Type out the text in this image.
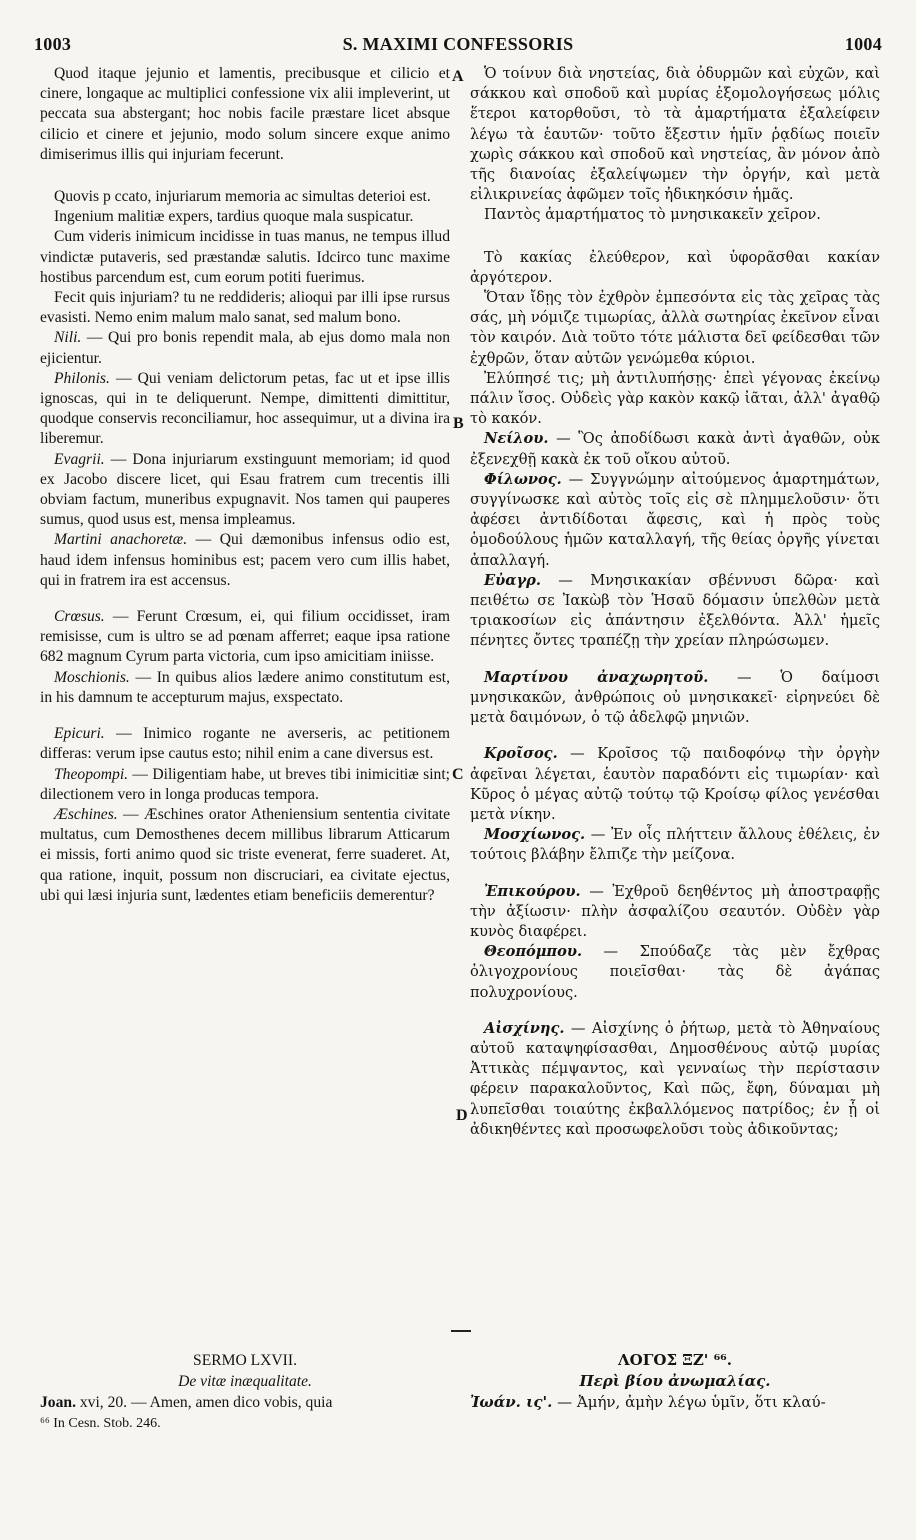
1003	S. MAXIMI CONFESSORIS	1004
A
B
C
D

Quod itaque jejunio et lamentis, precibusque et cilicio et cinere, longaque ac multiplici confessione vix alii impleverint, ut peccata sua abstergant; hoc nobis facile præstare licet absque cilicio et cinere et jejunio, modo solum sincere exque animo dimiserimus illis qui injuriam fecerunt.

Quovis p ccato, injuriarum memoria ac simultas deterioi est.

Ingenium malitiæ expers, tardius quoque mala suspicatur.

Cum videris inimicum incidisse in tuas manus, ne tempus illud vindictæ putaveris, sed præstandæ salutis. Idcirco tunc maxime hostibus parcendum est, cum eorum potiti fuerimus.

Fecit quis injuriam? tu ne reddideris; alioqui par illi ipse rursus evasisti. Nemo enim malum malo sanat, sed malum bono.

Nili. — Qui pro bonis rependit mala, ab ejus domo mala non ejicientur.

Philonis. — Qui veniam delictorum petas, fac ut et ipse illis ignoscas, qui in te deliquerunt. Nempe, dimittenti dimittitur, quodque conservis reconciliamur, hoc assequimur, ut a divina ira liberemur.

Evagrii. — Dona injuriarum exstinguunt memoriam; id quod ex Jacobo discere licet, qui Esau fratrem cum trecentis illi obviam factum, muneribus expugnavit. Nos tamen qui pauperes sumus, quod usus est, mensa impleamus.

Martini anachoretæ. — Qui dæmonibus infensus odio est, haud idem infensus hominibus est; pacem vero cum illis habet, qui in fratrem ira est accensus.

Crœsus. — Ferunt Crœsum, ei, qui filium occidisset, iram remisisse, cum is ultro se ad pœnam afferret; eaque ipsa ratione 682 magnum Cyrum parta victoria, cum ipso amicitiam iniisse.

Moschionis. — In quibus alios lædere animo constitutum est, in his damnum te accepturum majus, exspectato.

Epicuri. — Inimico rogante ne averseris, ac petitionem differas: verum ipse cautus esto; nihil enim a cane diversus est.

Theopompi. — Diligentiam habe, ut breves tibi inimicitiæ sint; dilectionem vero in longa producas tempora.

Æschines. — Æschines orator Atheniensium sententia civitate multatus, cum Demosthenes decem millibus librarum Atticarum ei missis, forti animo quod sic triste evenerat, ferre suaderet. At, qua ratione, inquit, possum non discruciari, ea civitate ejectus, ubi qui læsi injuria sunt, lædentes etiam beneficiis demerentur?

Ὁ τοίνυν διὰ νηστείας, διὰ ὀδυρμῶν καὶ εὐχῶν, καὶ σάκκου καὶ σποδοῦ καὶ μυρίας ἐξομολογήσεως μόλις ἕτεροι κατορθοῦσι, τὸ τὰ ἁμαρτήματα ἐξαλείφειν λέγω τὰ ἑαυτῶν· τοῦτο ἔξεστιν ἡμῖν ῥᾳδίως ποιεῖν χωρὶς σάκκου καὶ σποδοῦ καὶ νηστείας, ἂν μόνον ἀπὸ τῆς διανοίας ἐξαλείψωμεν τὴν ὀργήν, καὶ μετὰ εἰλικρινείας ἀφῶμεν τοῖς ἠδικηκόσιν ἡμᾶς.

Παντὸς ἁμαρτήματος τὸ μνησικακεῖν χεῖρον.

Τὸ κακίας ἐλεύθερον, καὶ ὑφορᾶσθαι κακίαν ἀργότερον.

Ὅταν ἴδῃς τὸν ἐχθρὸν ἐμπεσόντα εἰς τὰς χεῖρας τὰς σάς, μὴ νόμιζε τιμωρίας, ἀλλὰ σωτηρίας ἐκεῖνον εἶναι τὸν καιρόν. Διὰ τοῦτο τότε μάλιστα δεῖ φείδεσθαι τῶν ἐχθρῶν, ὅταν αὐτῶν γενώμεθα κύριοι.

Ἐλύπησέ τις; μὴ ἀντιλυπήσῃς· ἐπεὶ γέγονας ἐκείνῳ πάλιν ἴσος. Οὐδεὶς γὰρ κακὸν κακῷ ἰᾶται, ἀλλ' ἀγαθῷ τὸ κακόν.

Νείλου. — Ὃς ἀποδίδωσι κακὰ ἀντὶ ἀγαθῶν, οὐκ ἐξενεχθῇ κακὰ ἐκ τοῦ οἴκου αὐτοῦ.

Φίλωνος. — Συγγνώμην αἰτούμενος ἁμαρτημάτων, συγγίνωσκε καὶ αὐτὸς τοῖς εἰς σὲ πλημμελοῦσιν· ὅτι ἀφέσει ἀντιδίδοται ἄφεσις, καὶ ἡ πρὸς τοὺς ὁμοδούλους ἡμῶν καταλλαγή, τῆς θείας ὀργῆς γίνεται ἀπαλλαγή.

Εὐαγρ. — Μνησικακίαν σβέννυσι δῶρα· καὶ πειθέτω σε Ἰακὼβ τὸν Ἡσαῦ δόμασιν ὑπελθὼν μετὰ τριακοσίων εἰς ἀπάντησιν ἐξελθόντα. Ἀλλ' ἡμεῖς πένητες ὄντες τραπέζῃ τὴν χρείαν πληρώσωμεν.

Μαρτίνου ἀναχωρητοῦ. — Ὁ δαίμοσι μνησικακῶν, ἀνθρώποις οὐ μνησικακεῖ· εἰρηνεύει δὲ μετὰ δαιμόνων, ὁ τῷ ἀδελφῷ μηνιῶν.

Κροῖσος. — Κροῖσος τῷ παιδοφόνῳ τὴν ὀργὴν ἀφεῖναι λέγεται, ἑαυτὸν παραδόντι εἰς τιμωρίαν· καὶ Κῦρος ὁ μέγας αὐτῷ τούτῳ τῷ Κροίσῳ φίλος γενέσθαι μετὰ νίκην.

Μοσχίωνος. — Ἐν οἷς πλήττειν ἄλλους ἐθέλεις, ἐν τούτοις βλάβην ἔλπιζε τὴν μείζονα.

Ἐπικούρου. — Ἐχθροῦ δεηθέντος μὴ ἀποστραφῇς τὴν ἀξίωσιν· πλὴν ἀσφαλίζου σεαυτόν. Οὐδὲν γὰρ κυνὸς διαφέρει.

Θεοπόμπου. — Σπούδαζε τὰς μὲν ἔχθρας ὀλιγοχρονίους ποιεῖσθαι· τὰς δὲ ἀγάπας πολυχρονίους.

Αἰσχίνης. — Αἰσχίνης ὁ ῥήτωρ, μετὰ τὸ Ἀθηναίους αὐτοῦ καταψηφίσασθαι, Δημοσθένους αὐτῷ μυρίας Ἀττικὰς πέμψαντος, καὶ γενναίως τὴν περίστασιν φέρειν παρακαλοῦντος, Καὶ πῶς, ἔφη, δύναμαι μὴ λυπεῖσθαι τοιαύτης ἐκβαλλόμενος πατρίδος; ἐν ᾗ οἱ ἀδικηθέντες καὶ προσωφελοῦσι τοὺς ἀδικοῦντας;

SERMO LXVII.
De vitæ inæqualitate.
Joan. xvi, 20. — Amen, amen dico vobis, quia
⁶⁶ In Cesn. Stob. 246.
ΛΟΓΟΣ ΞΖ' ⁶⁶.
Περὶ βίου ἀνωμαλίας.
Ἰωάν. ις'. — Ἀμήν, ἀμὴν λέγω ὑμῖν, ὅτι κλαύ-
